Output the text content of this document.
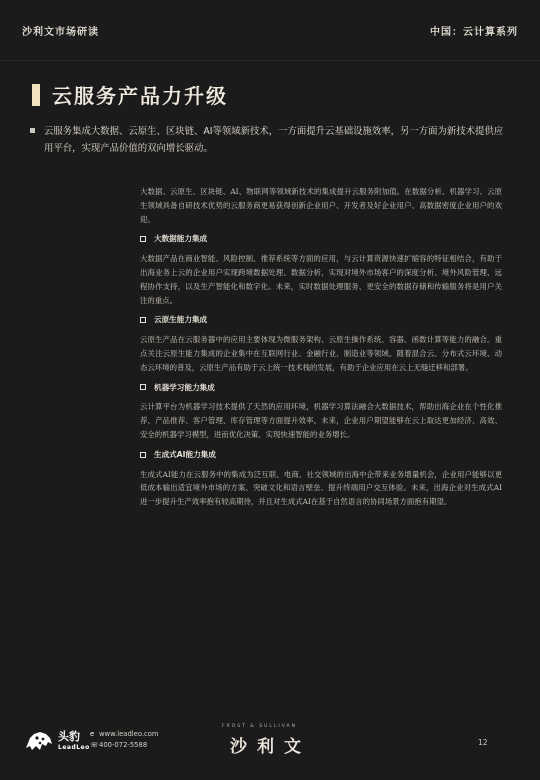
沙利文市场研读	中国：云计算系列
云服务产品力升级
云服务集成大数据、云原生、区块链、AI等领域新技术，一方面提升云基础设施效率，另一方面为新技术提供应用平台，实现产品价值的双向增长驱动。

大数据、云原生、区块链、AI、物联网等领域新技术的集成提升云服务附加值。在数据分析、机器学习、云原生领域具备自研技术优势的云服务商更易获得创新企业用户、开发者及好企业用户、高数据密度企业用户的欢迎。

大数据能力集成

大数据产品在商业智能、风险控制、推荐系统等方面的应用，与云计算资源快速扩缩容的特征相结合，有助于出海业务上云的企业用户实现跨境数据处理、数据分析，实现对境外市场客户的深度分析、境外风险管理、远程协作支持，以及生产智能化和数字化。未来，实时数据处理服务、更安全的数据存储和传输服务将是用户关注的重点。

云原生能力集成

云原生产品在云服务器中的应用主要体现为微服务架构、云原生操作系统、容器、函数计算等能力的融合。重点关注云原生能力集成的企业集中在互联网行业、金融行业、制造业等领域。随着混合云、分布式云环境、动态云环境的普及，云原生产品有助于云上统一技术栈的发展，有助于企业应用在云上无缝迁移和部署。

机器学习能力集成

云计算平台为机器学习技术提供了天然的应用环境，机器学习算法融合大数据技术，帮助出海企业在个性化推荐、产品推荐、客户管理、库存管理等方面提升效率。未来，企业用户期望能够在云上取达更加经济、高效、安全的机器学习模型，进而优化决策、实现快速智能的业务增长。

生成式AI能力集成

生成式AI能力在云服务中的集成为泛互联、电商、社交领域的出海中企带来业务增量机会，企业用户能够以更低成本输出适宜境外市场的方案、突破文化和语言壁垒、提升终端用户交互体验。未来，出海企业对生成式AI进一步提升生产效率抱有较高期待，并且对生成式AI在基于自然语言的协同场景方面抱有期望。

头豹
LeadLeo
e www.leadleo.com
☏400-072-5588
FROST & SULLIVAN
沙利文	12
